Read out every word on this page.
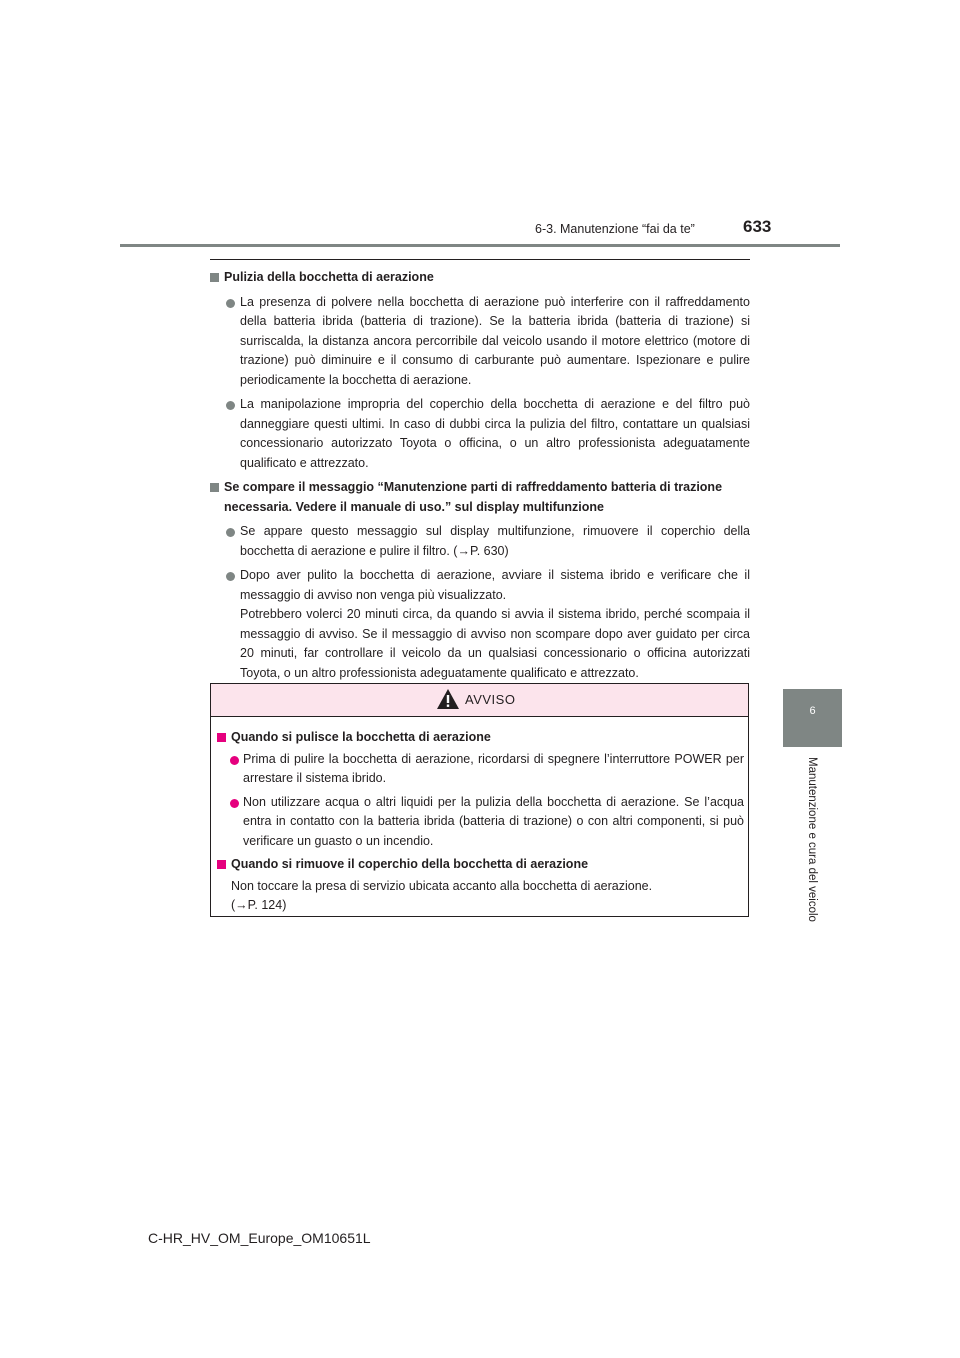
6-3. Manutenzione “fai da te”	633
6
Manutenzione e cura del veicolo
Pulizia della bocchetta di aerazione
La presenza di polvere nella bocchetta di aerazione può interferire con il raffreddamento della batteria ibrida (batteria di trazione). Se la batteria ibrida (batteria di trazione) si surriscalda, la distanza ancora percorribile dal veicolo usando il motore elettrico (motore di trazione) può diminuire e il consumo di carburante può aumentare. Ispezionare e pulire periodicamente la bocchetta di aerazione.
La manipolazione impropria del coperchio della bocchetta di aerazione e del filtro può danneggiare questi ultimi. In caso di dubbi circa la pulizia del filtro, contattare un qualsiasi concessionario autorizzato Toyota o officina, o un altro professionista adeguatamente qualificato e attrezzato.
Se compare il messaggio “Manutenzione parti di raffreddamento batteria di trazione necessaria. Vedere il manuale di uso.” sul display multifunzione
Se appare questo messaggio sul display multifunzione, rimuovere il coperchio della bocchetta di aerazione e pulire il filtro. (→P. 630)
Dopo aver pulito la bocchetta di aerazione, avviare il sistema ibrido e verificare che il messaggio di avviso non venga più visualizzato.
Potrebbero volerci 20 minuti circa, da quando si avvia il sistema ibrido, perché scompaia il messaggio di avviso. Se il messaggio di avviso non scompare dopo aver guidato per circa 20 minuti, far controllare il veicolo da un qualsiasi concessionario o officina autorizzati Toyota, o un altro professionista adeguatamente qualificato e attrezzato.
AVVISO
Quando si pulisce la bocchetta di aerazione
Prima di pulire la bocchetta di aerazione, ricordarsi di spegnere l’interruttore POWER per arrestare il sistema ibrido.
Non utilizzare acqua o altri liquidi per la pulizia della bocchetta di aerazione. Se l’acqua entra in contatto con la batteria ibrida (batteria di trazione) o con altri componenti, si può verificare un guasto o un incendio.
Quando si rimuove il coperchio della bocchetta di aerazione
Non toccare la presa di servizio ubicata accanto alla bocchetta di aerazione.
(→P. 124)
C-HR_HV_OM_Europe_OM10651L
